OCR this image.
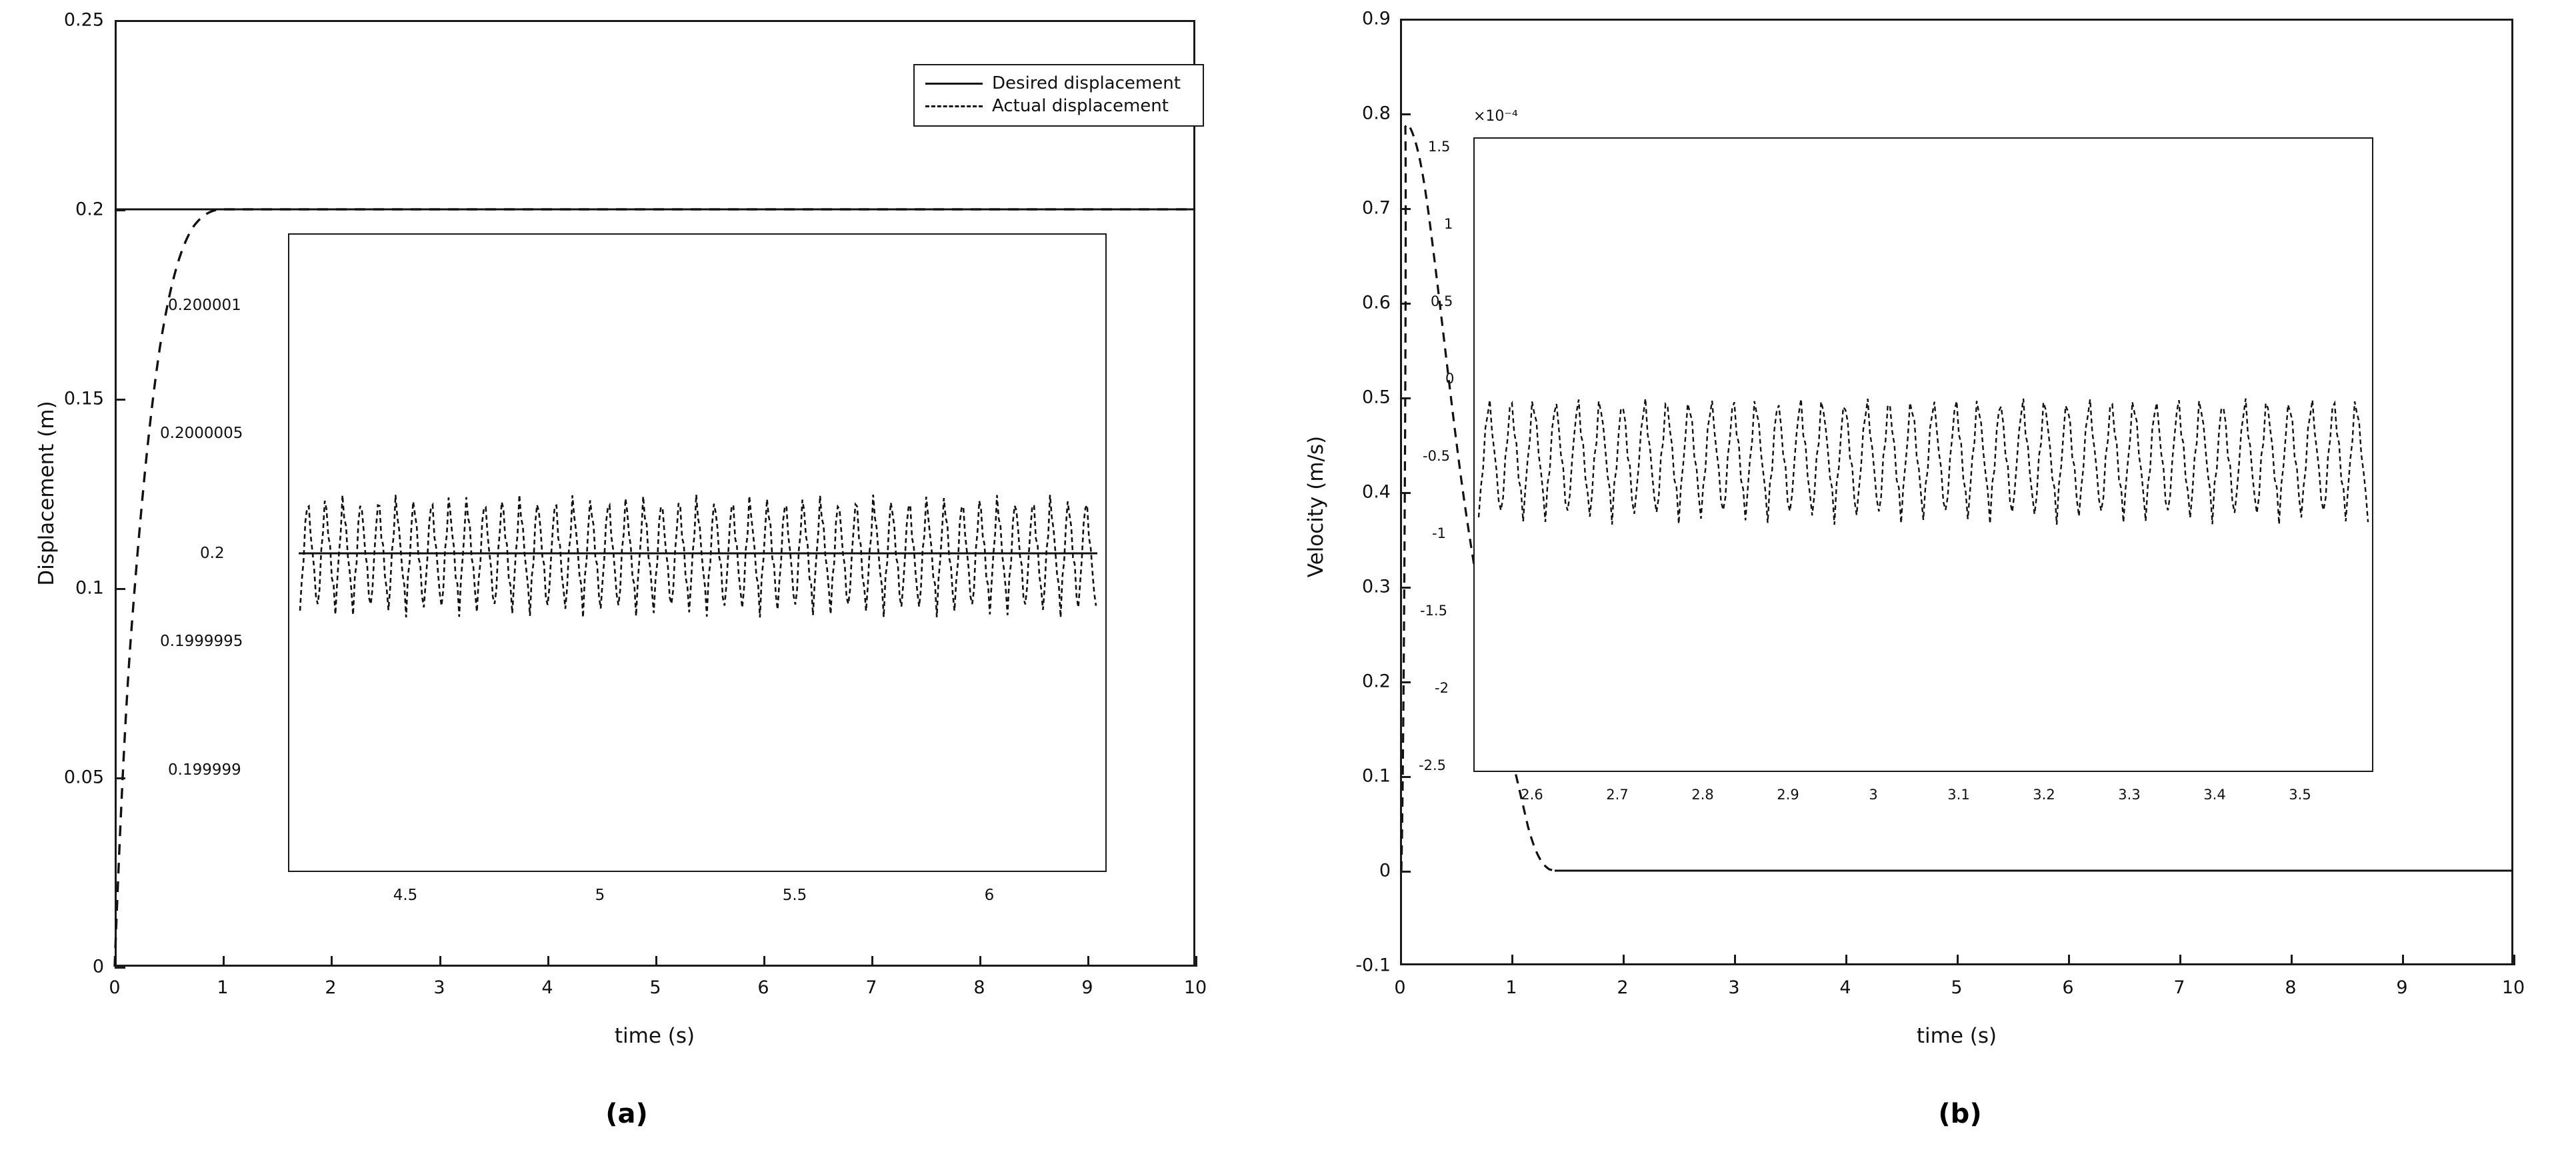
0
0.05
0.1
0.15
0.2
0.25
0	1	2	3	4	5	6	7	8	9	10
time (s)
Displacement (m)
Desired displacement
Actual displacement
0.199999
0.1999995
0.2
0.2000005
0.200001
4.5	5	5.5	6
(a)
-0.1
0
0.1
0.2
0.3
0.4
0.5
0.6
0.7
0.8
0.9
0	1	2	3	4	5	6	7	8	9	10
time (s)
Velocity (m/s)
×10⁻⁴
1.5
1
0.5
0
-0.5
-1
-1.5
-2
-2.5
2.6	2.7	2.8	2.9	3	3.1	3.2	3.3	3.4	3.5
(b)
